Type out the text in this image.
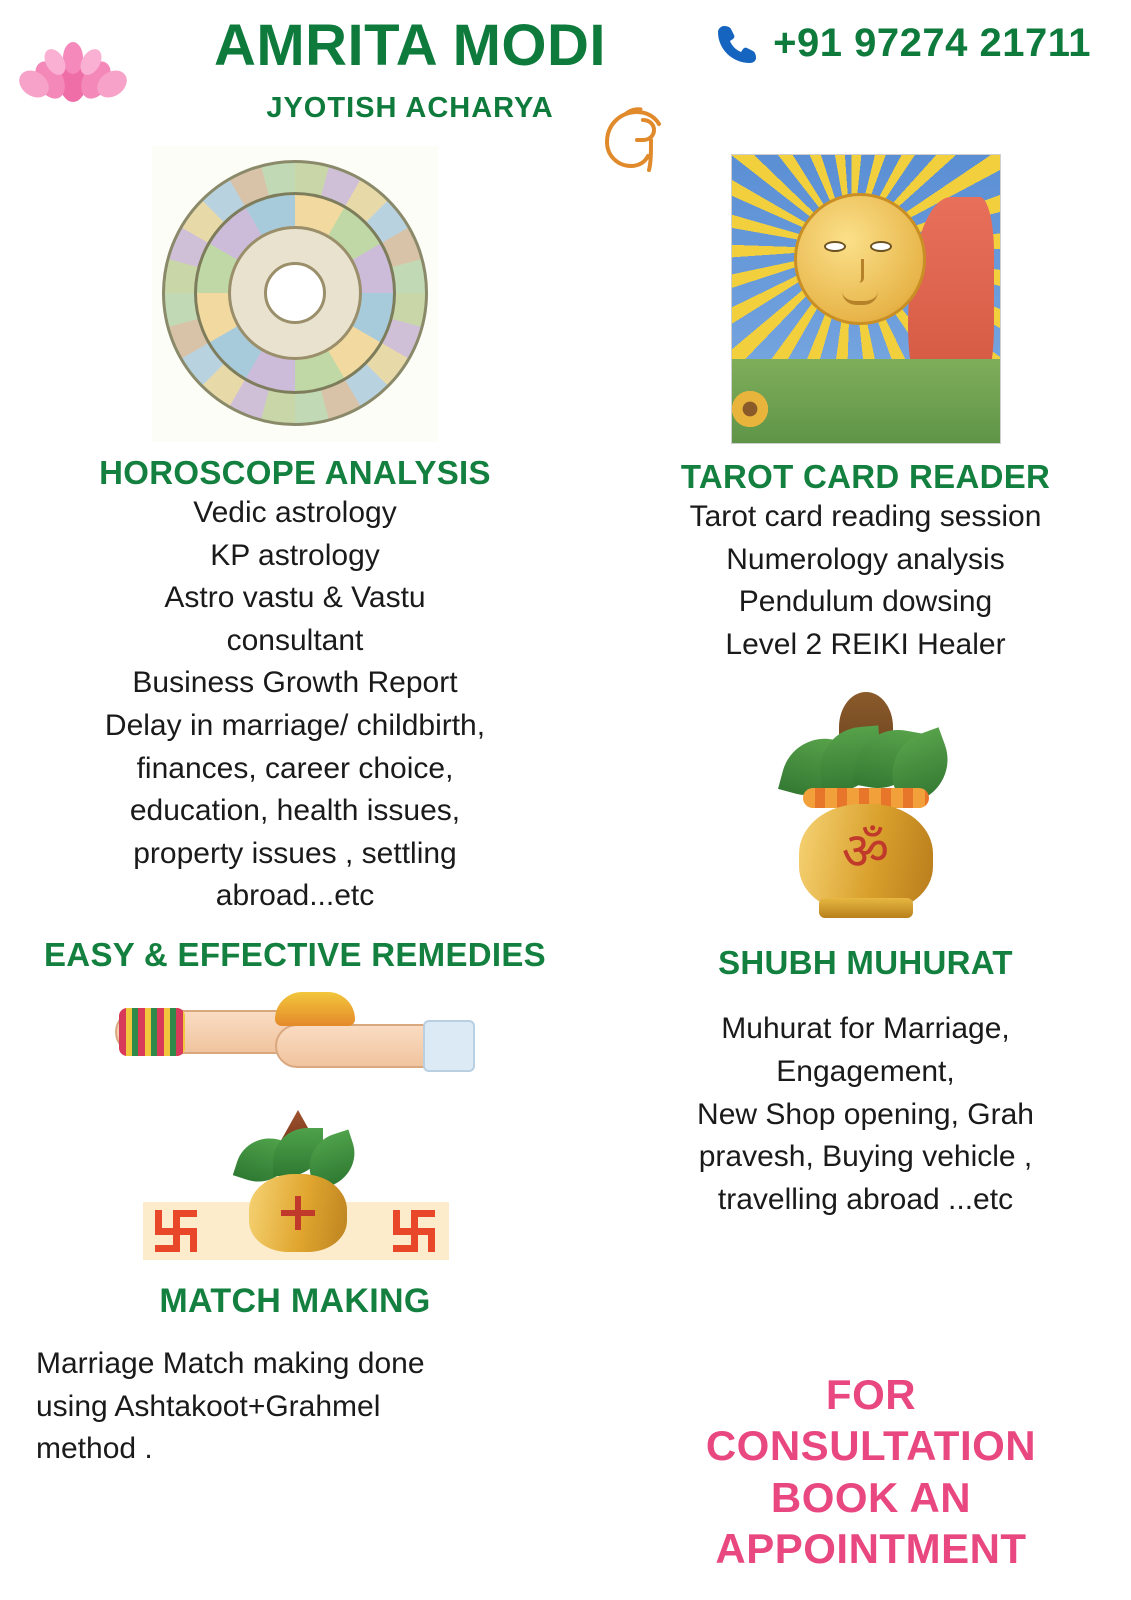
AMRITA MODI
JYOTISH ACHARYA
+91 97274 21711
HOROSCOPE ANALYSIS
Vedic astrology
KP astrology
Astro vastu & Vastu
consultant
Business Growth Report
Delay in marriage/ childbirth,
finances, career choice,
education, health issues,
property issues , settling
abroad...etc
EASY & EFFECTIVE REMEDIES
MATCH MAKING
Marriage Match making done
using Ashtakoot+Grahmel
method .
TAROT CARD READER
Tarot card reading session
Numerology analysis
Pendulum dowsing
Level 2 REIKI Healer
ॐ
SHUBH MUHURAT
Muhurat for Marriage,
Engagement,
New Shop opening, Grah
pravesh, Buying vehicle ,
travelling abroad ...etc
FOR
CONSULTATION
BOOK AN
APPOINTMENT
